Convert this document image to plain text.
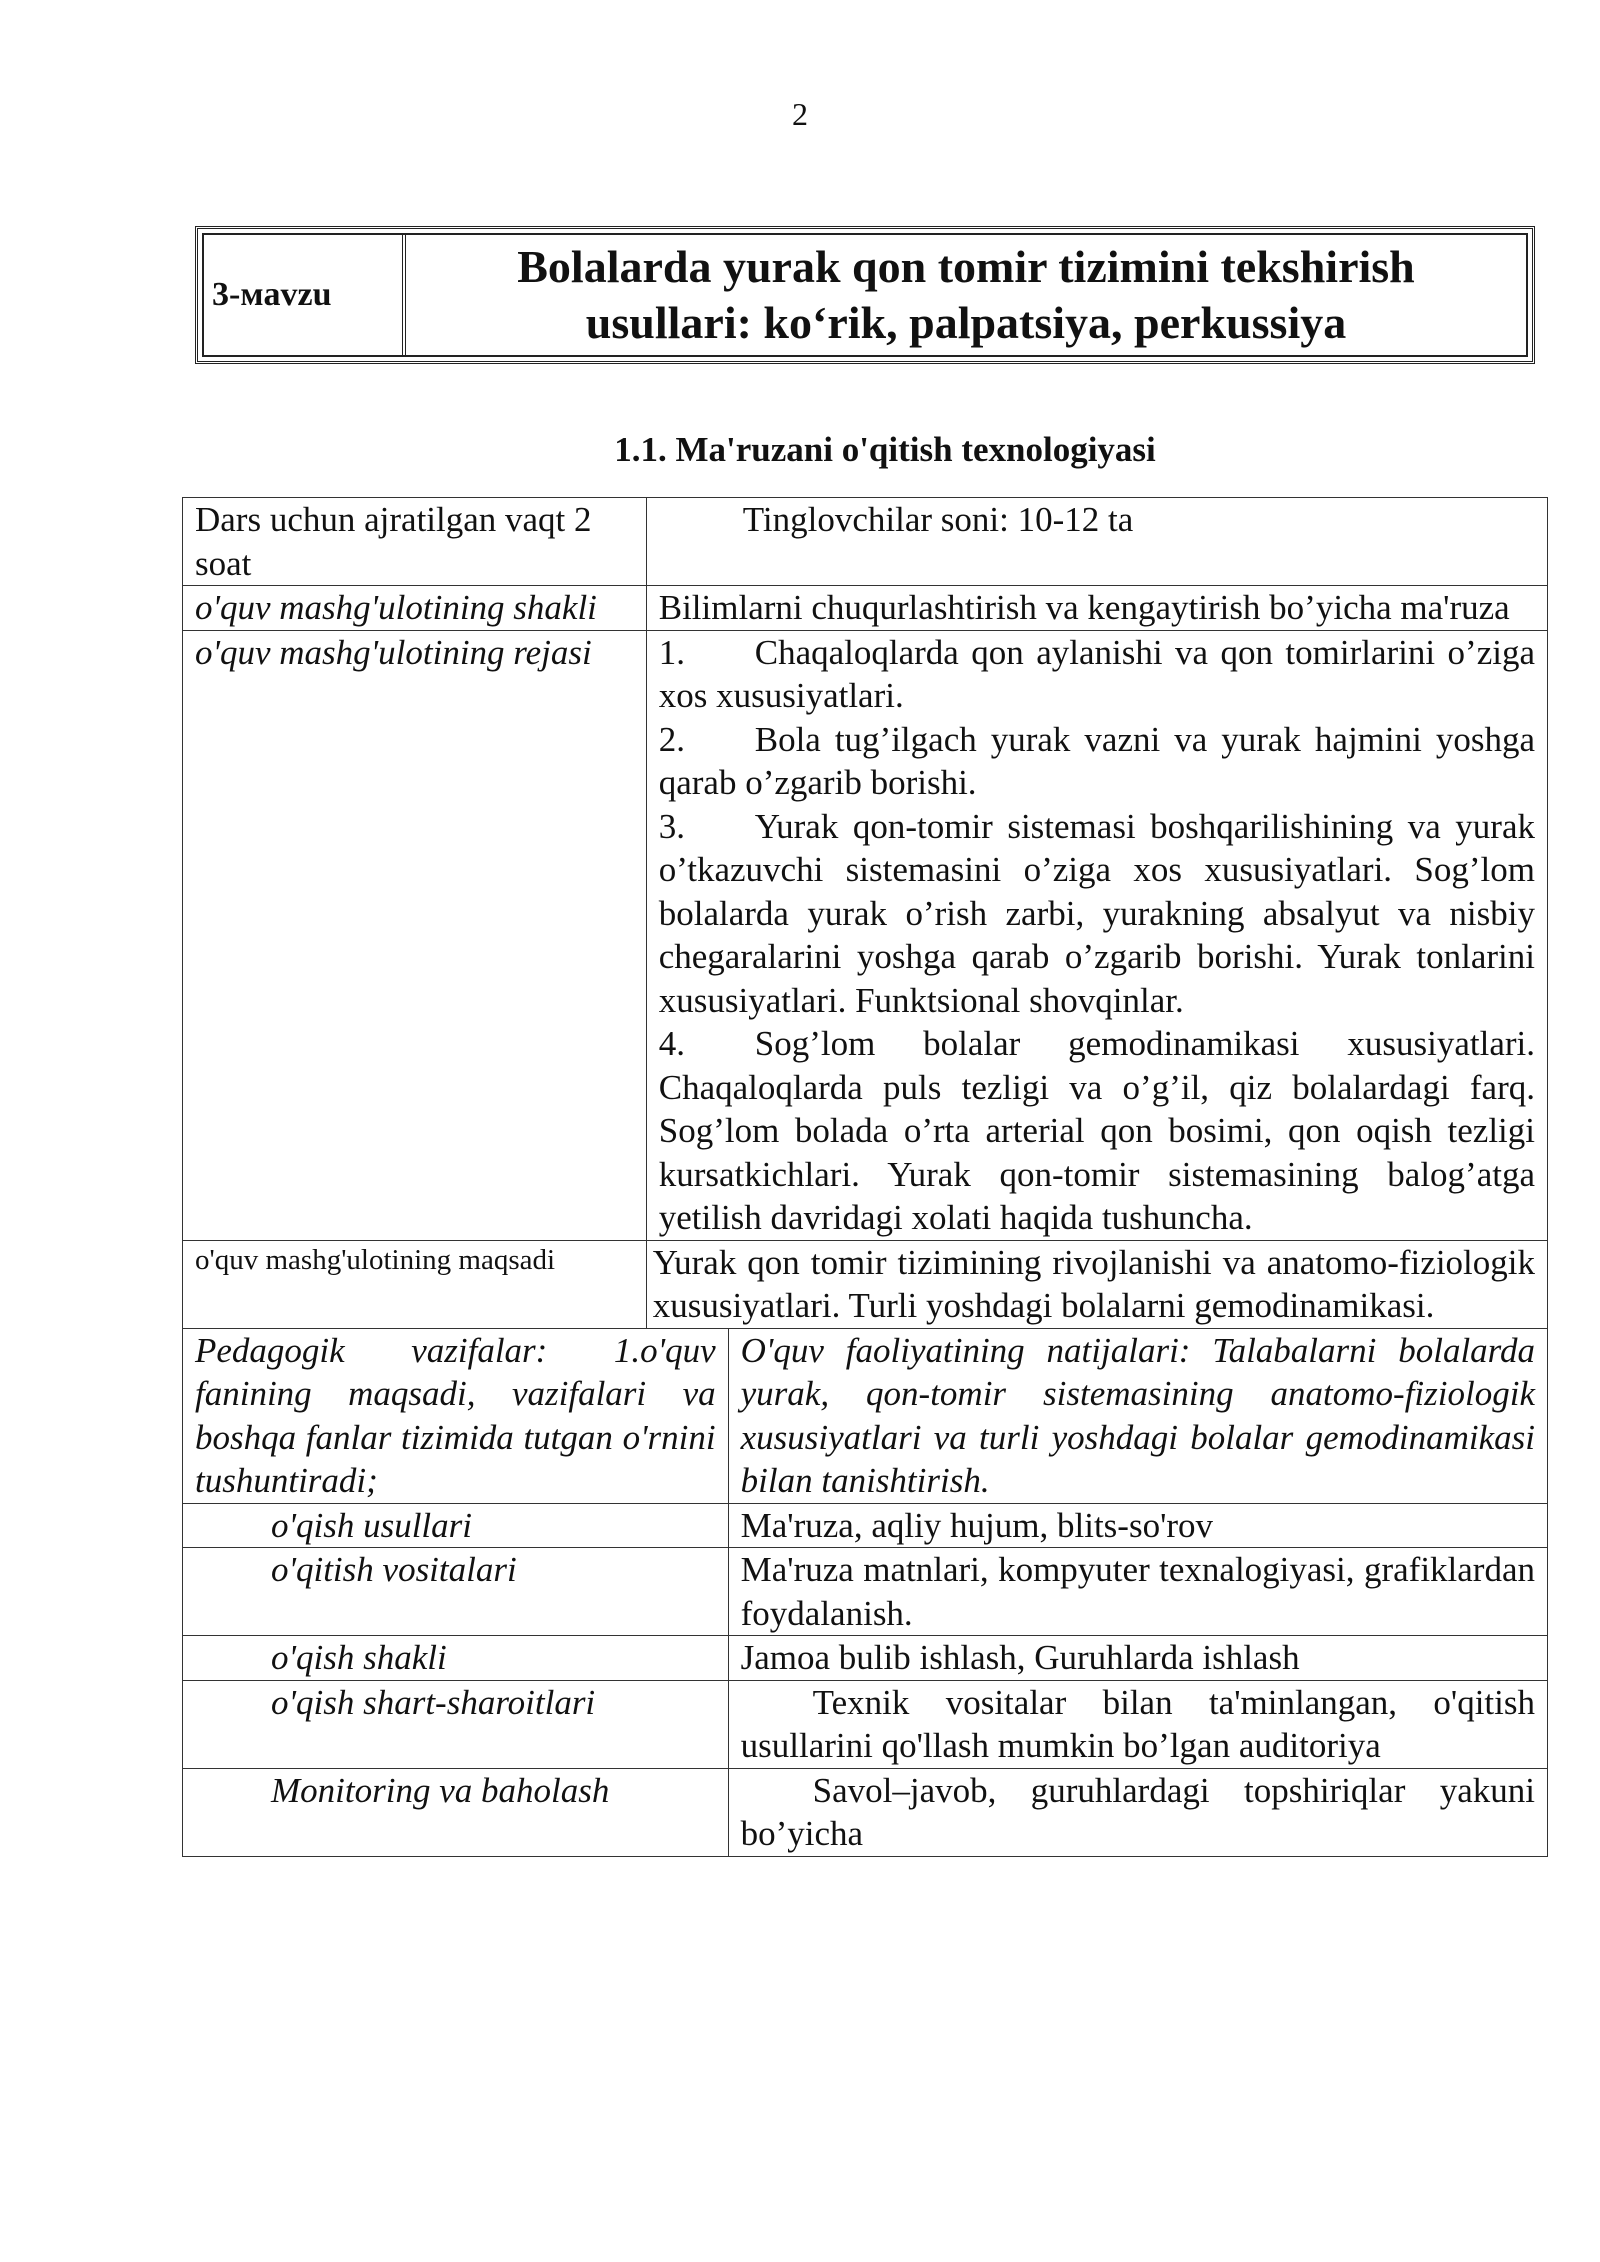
2
3-мavzu
Bolalarda yurak qon tomir tizimini tekshirish
usullari: ko‘rik, palpatsiya, perkussiya
1.1. Ma'ruzani o'qitish texnologiyasi
Dars uchun ajratilgan vaqt 2 soat	Tinglovchilar soni: 10-12 ta	
o'quv mashg'ulotining shakli	Bilimlarni chuqurlashtirish va kengaytirish bo’yicha ma'ruza	
o'quv mashg'ulotining rejasi	1. Chaqaloqlarda qon aylanishi va qon tomirlarini o’ziga xos xususiyatlari.
2. Bola tug’ilgach yurak vazni va yurak hajmini yoshga qarab o’zgarib borishi.
3. Yurak qon-tomir sistemasi boshqarilishining va yurak o’tkazuvchi sistemasini o’ziga xos xususiyatlari. Sog’lom bolalarda yurak o’rish zarbi, yurakning absalyut va nisbiy chegaralarini yoshga qarab o’zgarib borishi. Yurak tonlarini xususiyatlari. Funktsional shovqinlar.
4. Sog’lom bolalar gemodinamikasi xususiyatlari. Chaqaloqlarda puls tezligi va o’g’il, qiz bolalardagi farq. Sog’lom bolada o’rta arterial qon bosimi, qon oqish tezligi kursatkichlari. Yurak qon-tomir sistemasining balog’atga yetilish davridagi xolati haqida tushuncha.	

o'quv mashg'ulotining maqsadi	Yurak qon tomir tizimining rivojlanishi va anatomo-fiziologik xususiyatlari. Turli yoshdagi bolalarni gemodinamikasi.	
Pedagogik vazifalar: 1.o'quv fanining maqsadi, vazifalari va boshqa fanlar tizimida tutgan o'rnini tushuntiradi;		O'quv faoliyatining natijalari: Talabalarni bolalarda yurak, qon-tomir sistemasining anatomo-fiziologik xususiyatlari va turli yoshdagi bolalar gemodinamikasi bilan tanishtirish.
o'qish usullari		Ma'ruza, aqliy hujum, blits-so'rov
o'qitish vositalari		Ma'ruza matnlari, kompyuter texnalogiyasi, grafiklardan foydalanish.
o'qish shakli		Jamoa bulib ishlash, Guruhlarda ishlash
o'qish shart-sharoitlari		Texnik vositalar bilan ta'minlangan, o'qitish usullarini qo'llash mumkin bo’lgan auditoriya
Monitoring va baholash		Savol–javob, guruhlardagi topshiriqlar yakuni bo’yicha
